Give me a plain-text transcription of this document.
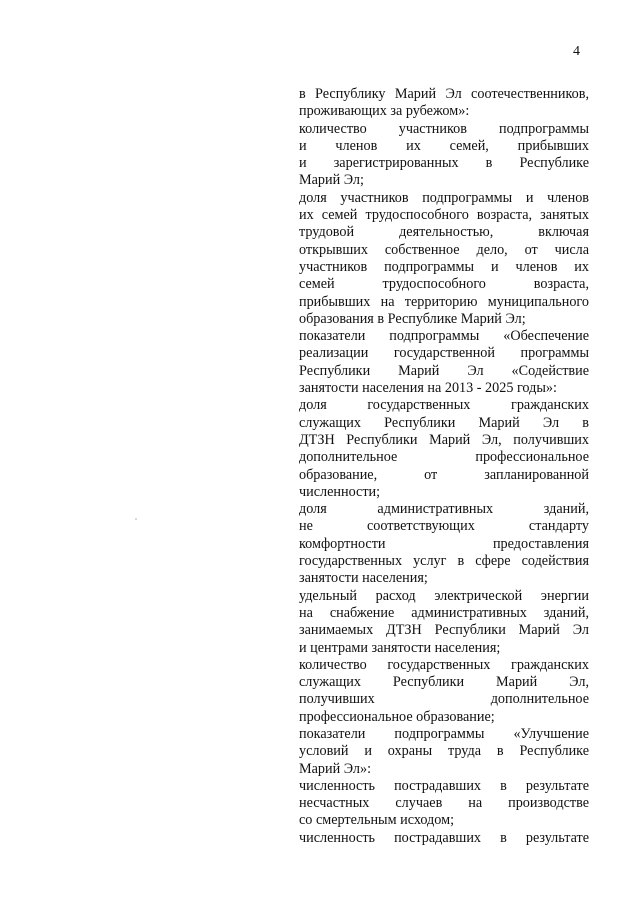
4
в Республику Марий Эл соотечественников,
проживающих за рубежом»:
количество участников подпрограммы
и членов их семей, прибывших
и зарегистрированных в Республике
Марий Эл;
доля участников подпрограммы и членов
их семей трудоспособного возраста, занятых
трудовой деятельностью, включая
открывших собственное дело, от числа
участников подпрограммы и членов их
семей трудоспособного возраста,
прибывших на территорию муниципального
образования в Республике Марий Эл;
показатели подпрограммы «Обеспечение
реализации государственной программы
Республики Марий Эл «Содействие
занятости населения на 2013 - 2025 годы»:
доля государственных гражданских
служащих Республики Марий Эл в
ДТЗН Республики Марий Эл, получивших
дополнительное профессиональное
образование, от запланированной
численности;
доля административных зданий,
не соответствующих стандарту
комфортности предоставления
государственных услуг в сфере содействия
занятости населения;
удельный расход электрической энергии
на снабжение административных зданий,
занимаемых ДТЗН Республики Марий Эл
и центрами занятости населения;
количество государственных гражданских
служащих Республики Марий Эл,
получивших дополнительное
профессиональное образование;
показатели подпрограммы «Улучшение
условий и охраны труда в Республике
Марий Эл»:
численность пострадавших в результате
несчастных случаев на производстве
со смертельным исходом;
численность пострадавших в результате
